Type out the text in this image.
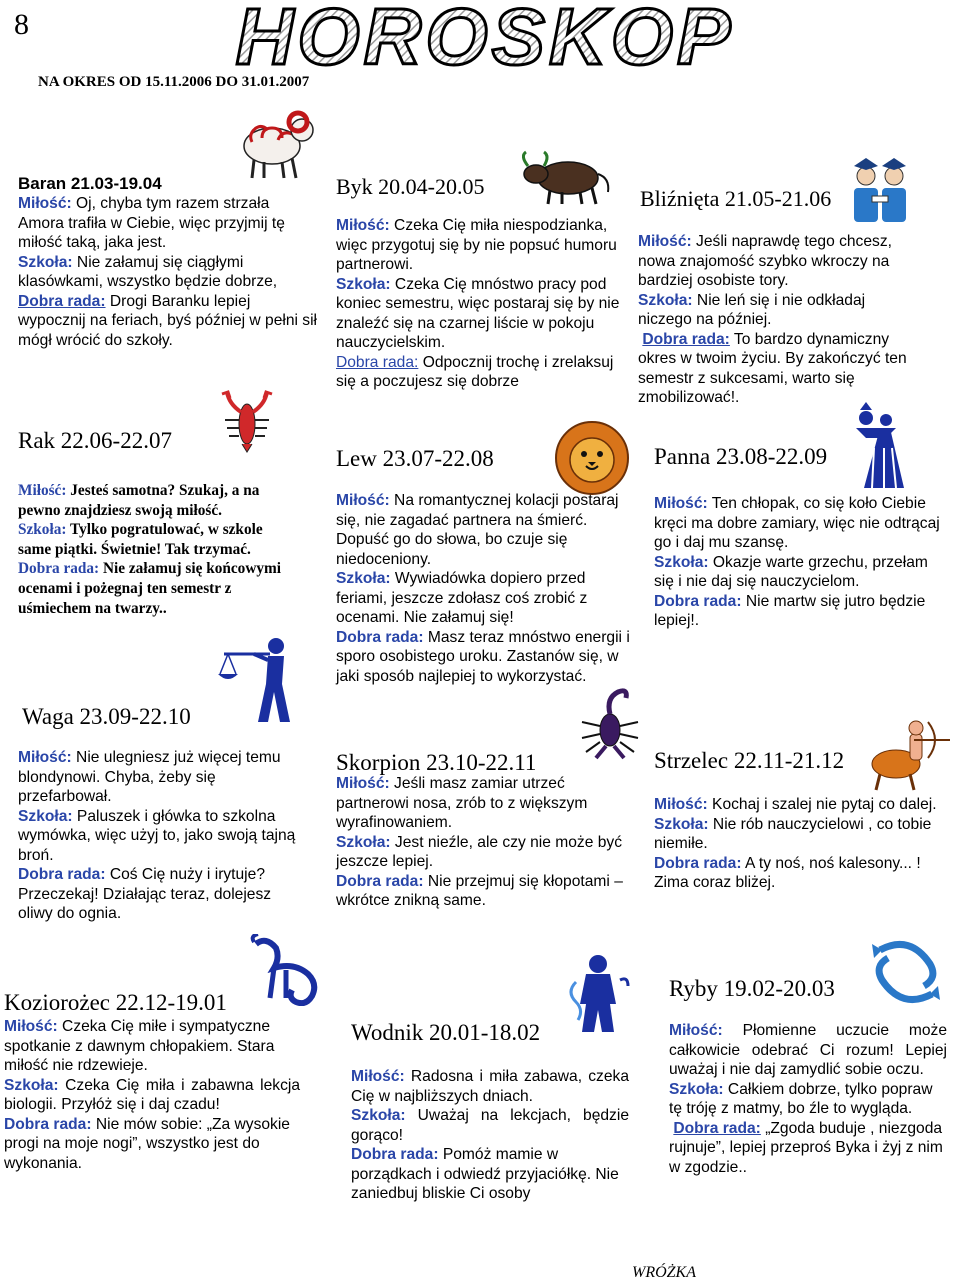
8	HOROSKOP
NA OKRES OD 15.11.2006 DO 31.01.2007
Baran 21.03-19.04

Miłość: Oj, chyba tym razem strzała Amora trafiła w Ciebie, więc przyjmij tę miłość taką, jaka jest.

Szkoła: Nie załamuj się ciągłymi klasówkami, wszystko będzie dobrze,

Dobra rada: Drogi Baranku lepiej wypocznij na feriach, byś później w pełni sił mógł wrócić do szkoły.

Byk 20.04-20.05

Miłość: Czeka Cię miła niespodzianka, więc przygotuj się by nie popsuć humoru partnerowi.

Szkoła: Czeka Cię mnóstwo pracy pod koniec semestru, więc postaraj się by nie znaleźć się na czarnej liście w pokoju nauczycielskim.

Dobra rada: Odpocznij trochę i zrelaksuj się a poczujesz się dobrze

Bliźnięta 21.05-21.06

Miłość: Jeśli naprawdę tego chcesz, nowa znajomość szybko wkroczy na bardziej osobiste tory.

Szkoła: Nie leń się i nie odkładaj niczego na później.

Dobra rada: To bardzo dynamiczny okres w twoim życiu. By zakończyć ten semestr z sukcesami, warto się zmobilizować!.

Rak 22.06-22.07

Miłość: Jesteś samotna? Szukaj, a na pewno znajdziesz swoją miłość.

Szkoła: Tylko pogratulować, w szkole same piątki. Świetnie! Tak trzymać.

Dobra rada: Nie załamuj się końcowymi ocenami i pożegnaj ten semestr z uśmiechem na twarzy..

Lew 23.07-22.08

Miłość: Na romantycznej kolacji postaraj się, nie zagadać partnera na śmierć. Dopuść go do słowa, bo czuje się niedoceniony.

Szkoła: Wywiadówka dopiero przed feriami, jeszcze zdołasz coś zrobić z ocenami. Nie załamuj się!

Dobra rada: Masz teraz mnóstwo energii i sporo osobistego uroku. Zastanów się, w jaki sposób najlepiej to wykorzystać.

Panna 23.08-22.09

Miłość: Ten chłopak, co się koło Ciebie kręci ma dobre zamiary, więc nie odtrącaj go i daj mu szansę.

Szkoła: Okazje warte grzechu, przełam się i nie daj się nauczycielom.

Dobra rada: Nie martw się jutro będzie lepiej!.

Waga 23.09-22.10

Miłość: Nie ulegniesz już więcej temu blondynowi. Chyba, żeby się przefarbował.

Szkoła: Paluszek i główka to szkolna wymówka, więc użyj to, jako swoją tajną broń.

Dobra rada: Coś Cię nuży i irytuje? Przeczekaj! Działając teraz, dolejesz oliwy do ognia.

Skorpion 23.10-22.11

Miłość: Jeśli masz zamiar utrzeć partnerowi nosa, zrób to z większym wyrafinowaniem.

Szkoła: Jest nieźle, ale czy nie może być jeszcze lepiej.

Dobra rada: Nie przejmuj się kłopotami – wkrótce znikną same.

Strzelec 22.11-21.12

Miłość: Kochaj i szalej nie pytaj co dalej.

Szkoła: Nie rób nauczycielowi , co tobie niemiłe.

Dobra rada: A ty noś, noś kalesony... ! Zima coraz bliżej.

Koziorożec 22.12-19.01

Miłość: Czeka Cię miłe i sympatyczne spotkanie z dawnym chłopakiem. Stara miłość nie rdzewieje.

Szkoła: Czeka Cię miła i zabawna lekcja biologii. Przyłóż się i daj czadu!

Dobra rada: Nie mów sobie: „Za wysokie progi na moje nogi”, wszystko jest do wykonania.

Wodnik 20.01-18.02

Miłość: Radosna i miła zabawa, czeka Cię w najbliższych dniach.

Szkoła: Uważaj na lekcjach, będzie gorąco!

Dobra rada: Pomóż mamie w porządkach i odwiedź przyjaciółkę. Nie zaniedbuj bliskie Ci osoby

Ryby 19.02-20.03

Miłość: Płomienne uczucie może całkowicie odebrać Ci rozum! Lepiej uważaj i nie daj zamydlić sobie oczu.

Szkoła: Całkiem dobrze, tylko popraw tę tróję z matmy, bo źle to wygląda.

Dobra rada: „Zgoda buduje , niezgoda rujnuje”, lepiej przeproś Byka i żyj z nim w zgodzie..

WRÓŻKA
